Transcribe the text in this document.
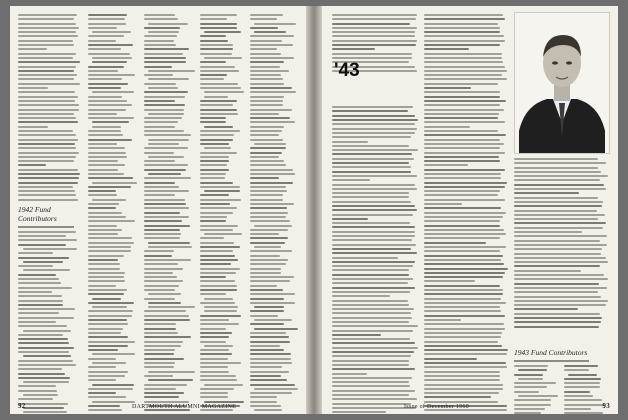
1942 Fund Contributors
92	DARTMOUTH ALUMNI MAGAZINE
'43
1943 Fund Contributors
Issue of December 1960	93
